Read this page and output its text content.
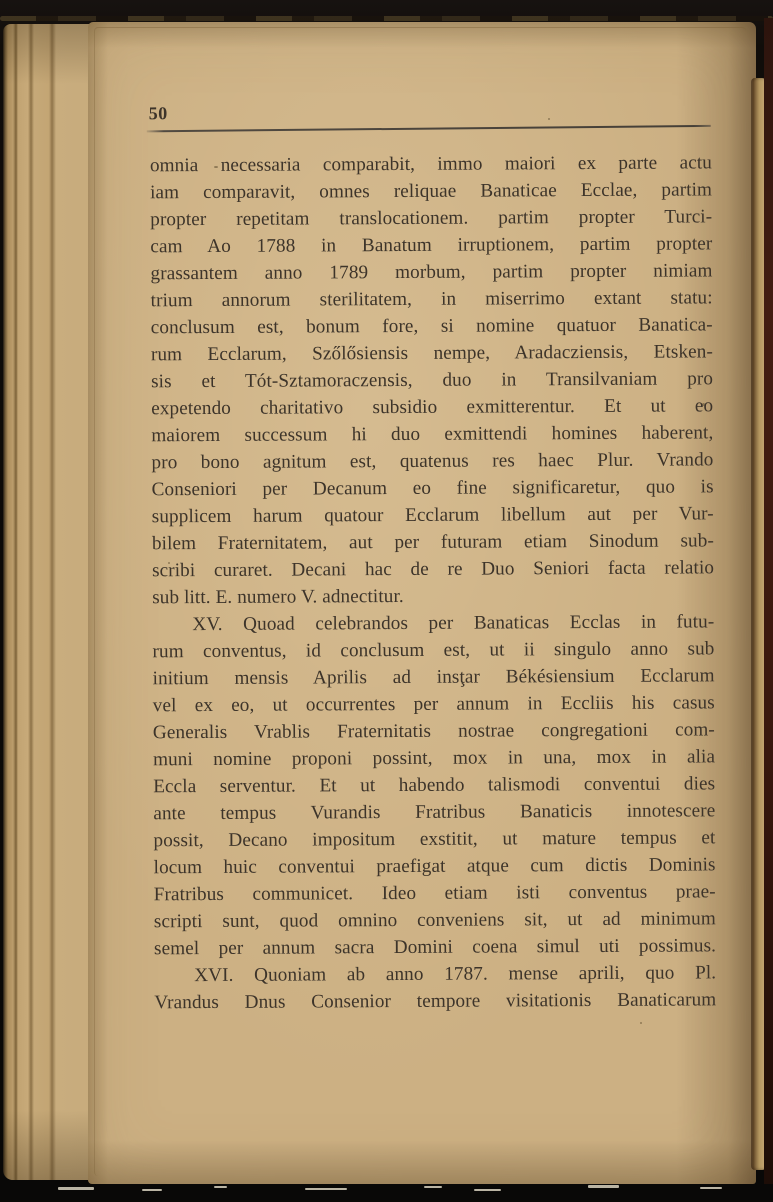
50
omnia necessaria comparabit, immo maiori ex parte actu
iam comparavit, omnes reliquae Banaticae Ecclae, partim
propter repetitam translocationem. partim propter Turci-
cam Ao 1788 in Banatum irruptionem, partim propter
grassantem anno 1789 morbum, partim propter nimiam
trium annorum sterilitatem, in miserrimo extant statu:
conclusum est, bonum fore, si nomine quatuor Banatica-
rum Ecclarum, Szőlősiensis nempe, Aradacziensis, Etsken-
sis et Tót-Sztamoraczensis, duo in Transilvaniam pro
expetendo charitativo subsidio exmitterentur. Et ut eo
maiorem successum hi duo exmittendi homines haberent,
pro bono agnitum est, quatenus res haec Plur. Vrando
Conseniori per Decanum eo fine significaretur, quo is
supplicem harum quatour Ecclarum libellum aut per Vur-
bilem Fraternitatem, aut per futuram etiam Sinodum sub-
scribi curaret. Decani hac de re Duo Seniori facta relatio
sub litt. E. numero V. adnectitur.
XV. Quoad celebrandos per Banaticas Ecclas in futu-
rum conventus, id conclusum est, ut ii singulo anno sub
initium mensis Aprilis ad insţar Békésiensium Ecclarum
vel ex eo, ut occurrentes per annum in Eccliis his casus
Generalis Vrablis Fraternitatis nostrae congregationi com-
muni nomine proponi possint, mox in una, mox in alia
Eccla serventur. Et ut habendo talismodi conventui dies
ante tempus Vurandis Fratribus Banaticis innotescere
possit, Decano impositum exstitit, ut mature tempus et
locum huic conventui praefigat atque cum dictis Dominis
Fratribus communicet. Ideo etiam isti conventus prae-
scripti sunt, quod omnino conveniens sit, ut ad minimum
semel per annum sacra Domini coena simul uti possimus.
XVI. Quoniam ab anno 1787. mense aprili, quo Pl.
Vrandus Dnus Consenior tempore visitationis Banaticarum
